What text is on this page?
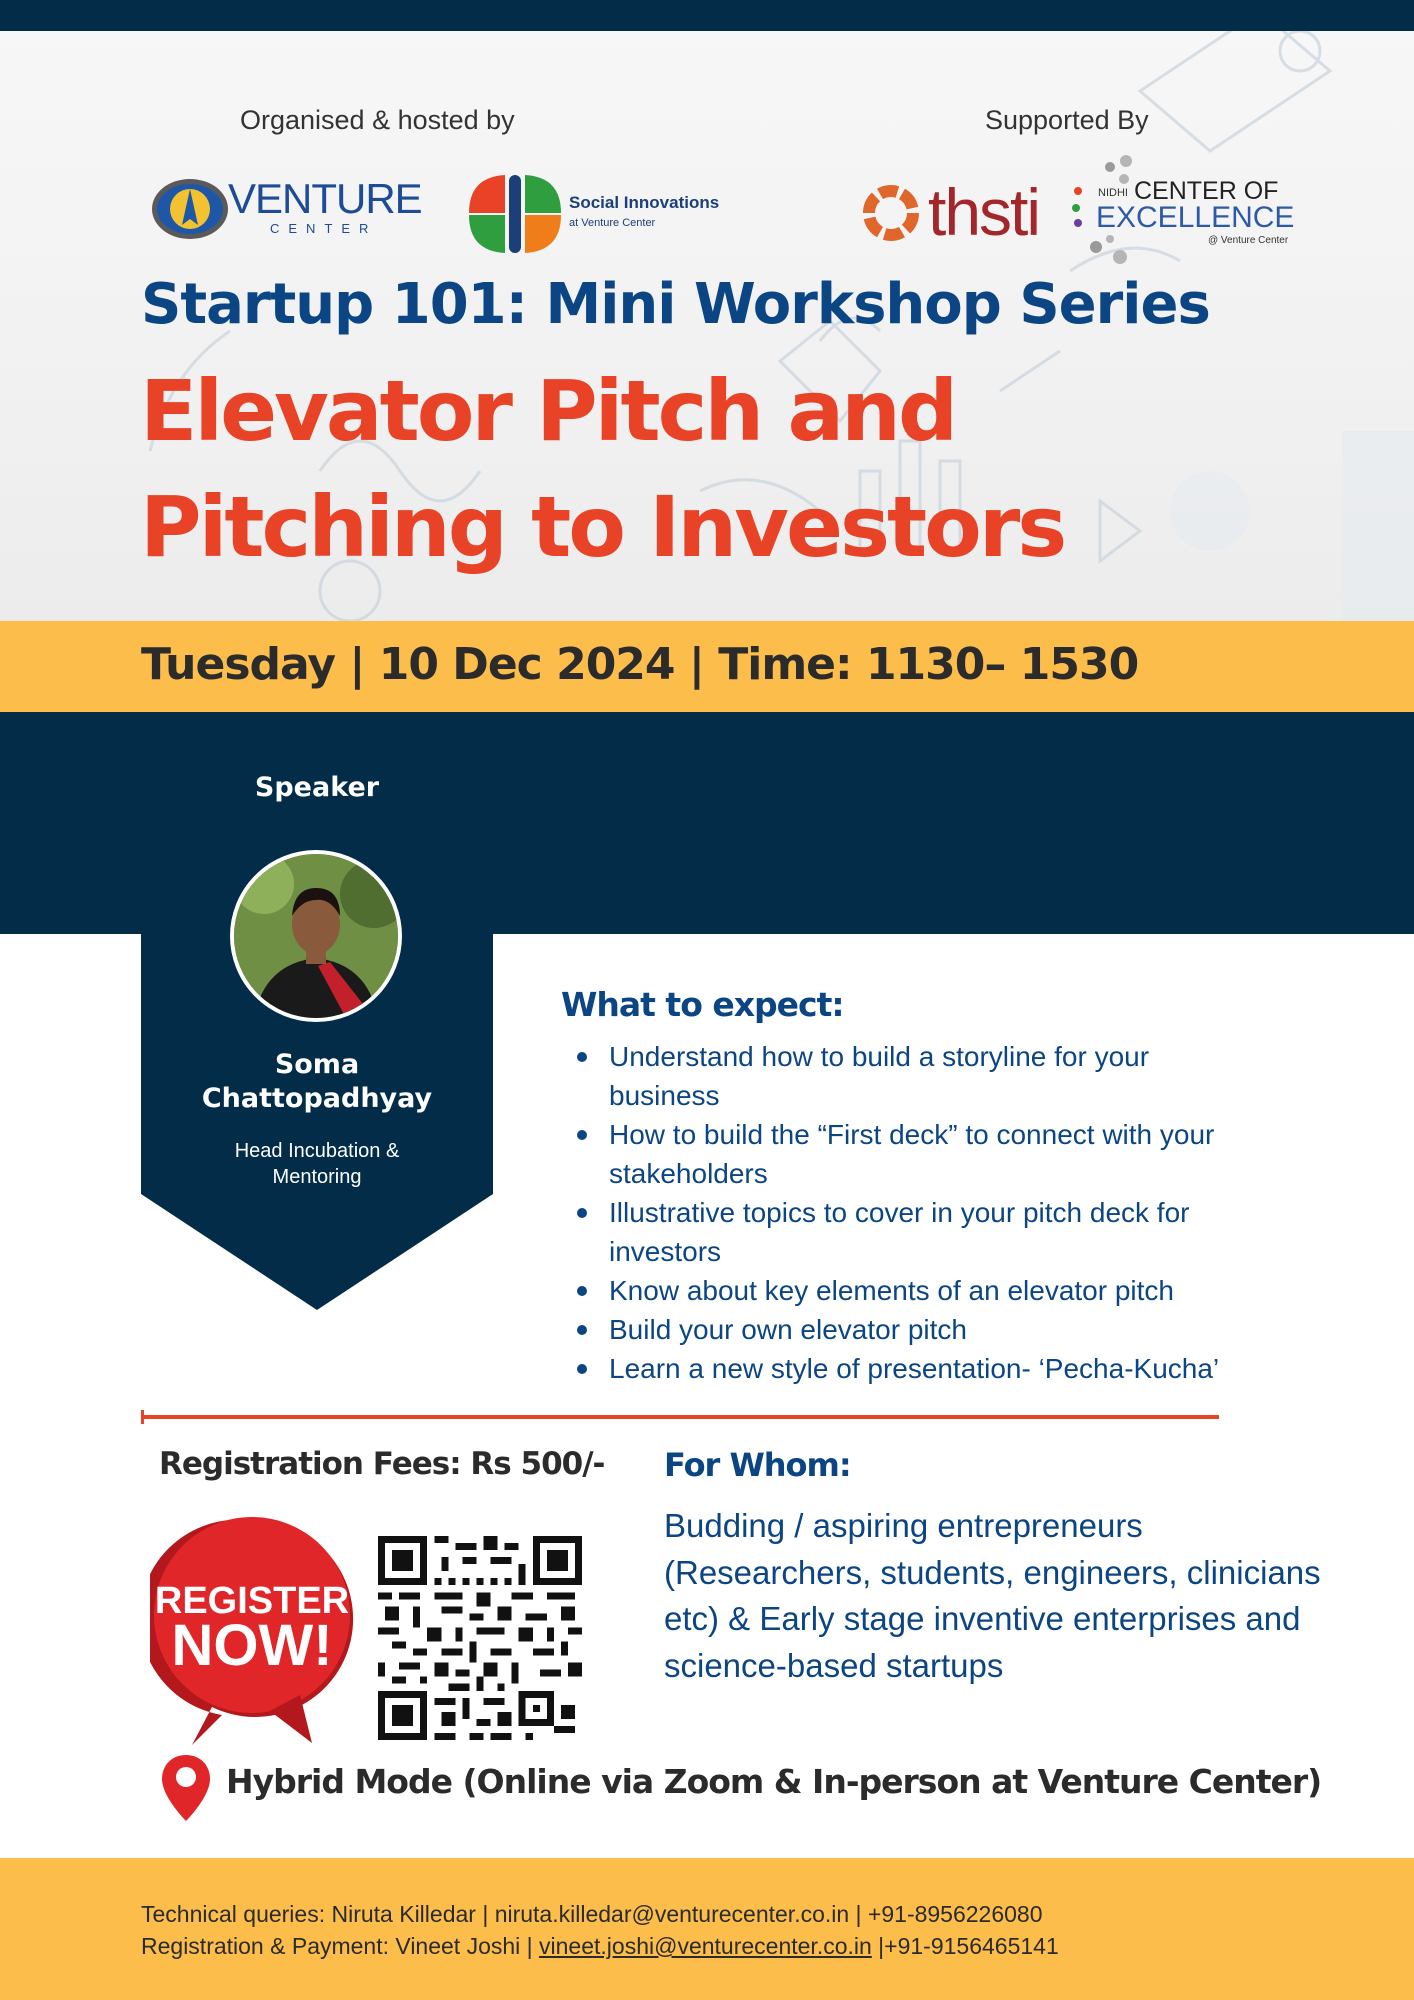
Organised & hosted by	Supported By
VENTURE
CENTER
Social Innovations
at Venture Center	thsti	NIDHI CENTER OF
EXCELLENCE
@ Venture Center
Startup 101: Mini Workshop Series
Elevator Pitch and
Pitching to Investors
Tuesday | 10 Dec 2024 | Time: 1130– 1530
Speaker
Soma
Chattopadhyay
Head Incubation &
Mentoring
What to expect:
Understand how to build a storyline for your
business
How to build the “First deck” to connect with your
stakeholders
Illustrative topics to cover in your pitch deck for
investors
Know about key elements of an elevator pitch
Build your own elevator pitch
Learn a new style of presentation- ‘Pecha-Kucha’
Registration Fees: Rs 500/-
REGISTER
NOW!
For Whom:
Budding / aspiring entrepreneurs (Researchers, students, engineers, clinicians etc) & Early stage inventive enterprises and science-based startups
Hybrid Mode (Online via Zoom & In-person at Venture Center)
Technical queries: Niruta Killedar | niruta.killedar@venturecenter.co.in | +91-8956226080
Registration & Payment: Vineet Joshi | vineet.joshi@venturecenter.co.in |+91-9156465141
